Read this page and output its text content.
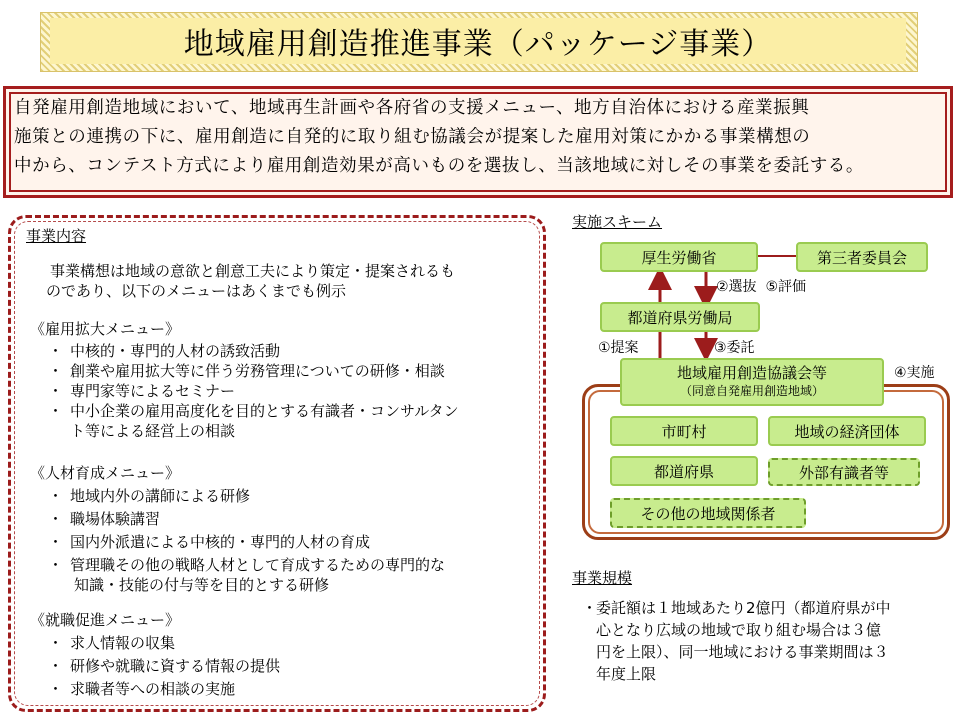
地域雇用創造推進事業（パッケージ事業）
自発雇用創造地域において、地域再生計画や各府省の支援メニュー、地方自治体における産業振興
施策との連携の下に、雇用創造に自発的に取り組む協議会が提案した雇用対策にかかる事業構想の
中から、コンテスト方式により雇用創造効果が高いものを選抜し、当該地域に対しその事業を委託する。
事業内容
事業構想は地域の意欲と創意工夫により策定・提案されるも
のであり、以下のメニューはあくまでも例示
《雇用拡大メニュー》
・ 中核的・専門的人材の誘致活動
・ 創業や雇用拡大等に伴う労務管理についての研修・相談
・ 専門家等によるセミナー
・ 中小企業の雇用高度化を目的とする有識者・コンサルタン
ト等による経営上の相談
《人材育成メニュー》
・ 地域内外の講師による研修
・ 職場体験講習
・ 国内外派遣による中核的・専門的人材の育成
・ 管理職その他の戦略人材として育成するための専門的な
知識・技能の付与等を目的とする研修
《就職促進メニュー》
・ 求人情報の収集
・ 研修や就職に資する情報の提供
・ 求職者等への相談の実施
実施スキーム
厚生労働省	第三者委員会
②選抜 ⑤評価
都道府県労働局
①提案	③委託
④実施
地域雇用創造協議会等
（同意自発雇用創造地域）
市町村	地域の経済団体
都道府県	外部有識者等
その他の地域関係者
事業規模
・
委託額は１地域あたり2億円（都道府県が中
心となり広域の地域で取り組む場合は３億
円を上限）、同一地域における事業期間は３
年度上限
